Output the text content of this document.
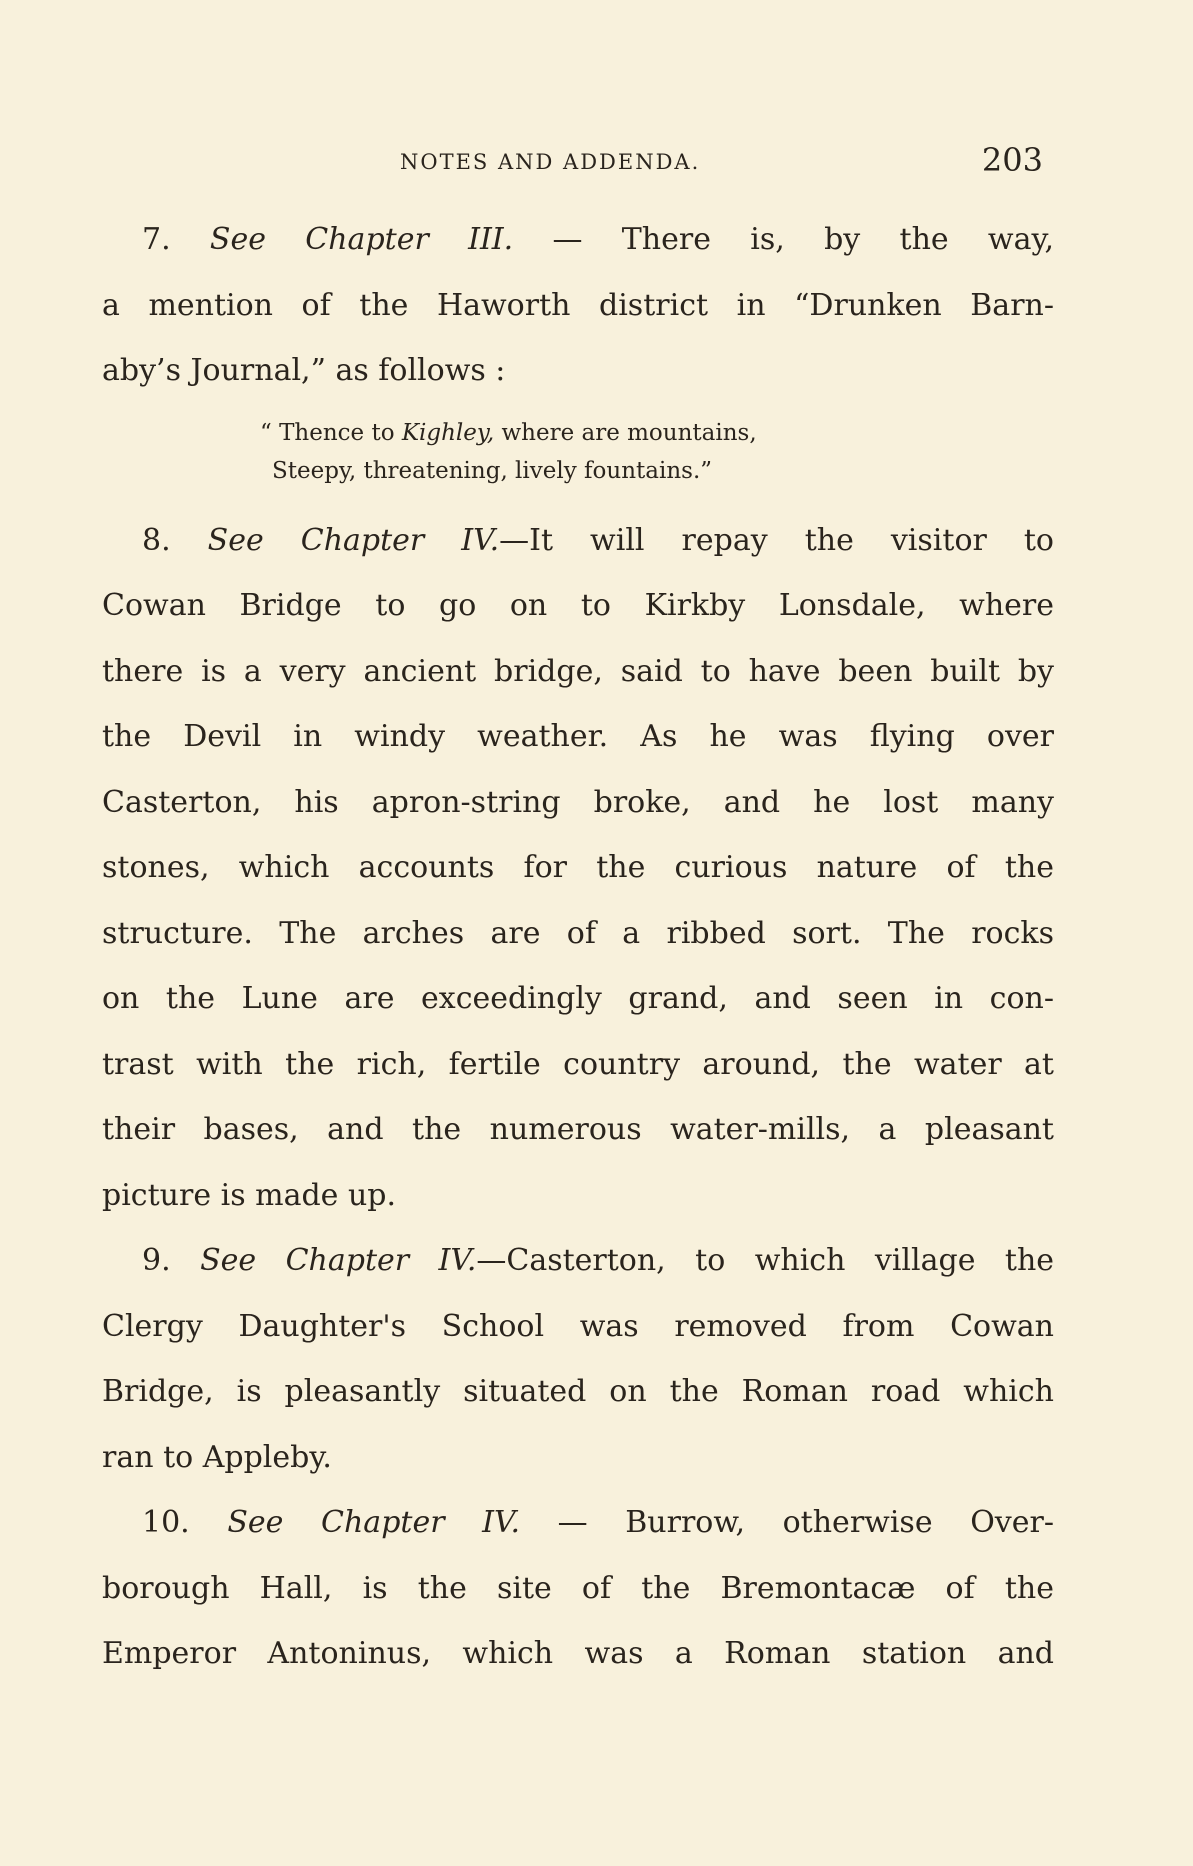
NOTES AND ADDENDA.	203
7. See Chapter III. — There is, by the way,
a mention of the Haworth district in “Drunken Barn-
aby’s Journal,” as follows :
“ Thence to Kighley, where are mountains,
Steepy, threatening, lively fountains.”
8. See Chapter IV.—It will repay the visitor to
Cowan Bridge to go on to Kirkby Lonsdale, where
there is a very ancient bridge, said to have been built by
the Devil in windy weather. As he was flying over
Casterton, his apron-string broke, and he lost many
stones, which accounts for the curious nature of the
structure. The arches are of a ribbed sort. The rocks
on the Lune are exceedingly grand, and seen in con-
trast with the rich, fertile country around, the water at
their bases, and the numerous water-mills, a pleasant
picture is made up.
9. See Chapter IV.—Casterton, to which village the
Clergy Daughter's School was removed from Cowan
Bridge, is pleasantly situated on the Roman road which
ran to Appleby.
10. See Chapter IV. — Burrow, otherwise Over-
borough Hall, is the site of the Bremontacæ of the
Emperor Antoninus, which was a Roman station and
